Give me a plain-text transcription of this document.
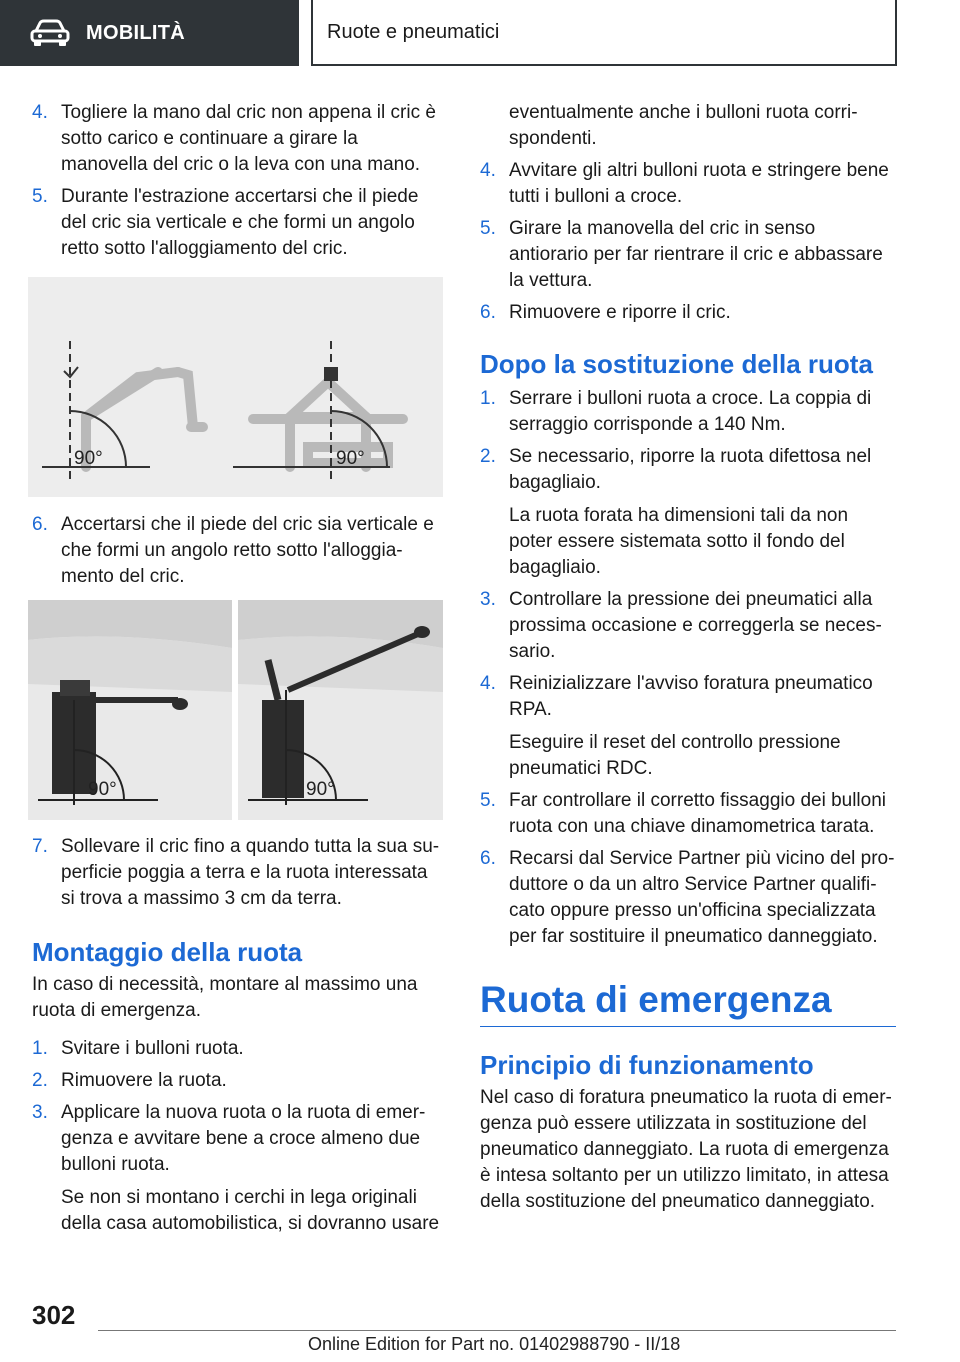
MOBILITÀ	Ruote e pneumatici
4. Togliere la mano dal cric non appena il cric è sotto carico e continuare a girare la manovella del cric o la leva con una mano.

5. Durante l'estrazione accertarsi che il piede del cric sia verticale e che formi un angolo retto sotto l'alloggiamento del cric.

90°	90°
6. Accertarsi che il piede del cric sia verticale e che formi un angolo retto sotto l'alloggia‐mento del cric.

90°	90°
7. Sollevare il cric fino a quando tutta la sua su‐perficie poggia a terra e la ruota interessata si trova a massimo 3 cm da terra.

Montaggio della ruota

In caso di necessità, montare al massimo una ruota di emergenza.

1. Svitare i bulloni ruota.

2. Rimuovere la ruota.

3. Applicare la nuova ruota o la ruota di emer‐genza e avvitare bene a croce almeno due bulloni ruota.

Se non si montano i cerchi in lega originali della casa automobilistica, si dovranno usare

eventualmente anche i bulloni ruota corri‐spondenti.

4. Avvitare gli altri bulloni ruota e stringere bene tutti i bulloni a croce.

5. Girare la manovella del cric in senso antiorario per far rientrare il cric e abbassare la vettura.

6. Rimuovere e riporre il cric.

Dopo la sostituzione della ruota
1. Serrare i bulloni ruota a croce. La coppia di serraggio corrisponde a 140 Nm.

2. Se necessario, riporre la ruota difettosa nel bagagliaio.

La ruota forata ha dimensioni tali da non poter essere sistemata sotto il fondo del bagagliaio.

3. Controllare la pressione dei pneumatici alla prossima occasione e correggerla se neces‐sario.

4. Reinizializzare l'avviso foratura pneumatico RPA.

Eseguire il reset del controllo pressione pneumatici RDC.

5. Far controllare il corretto fissaggio dei bulloni ruota con una chiave dinamometrica tarata.

6. Recarsi dal Service Partner più vicino del pro‐duttore o da un altro Service Partner qualifi‐cato oppure presso un'officina specializzata per far sostituire il pneumatico danneggiato.

Ruota di emergenza
Principio di funzionamento

Nel caso di foratura pneumatico la ruota di emer‐genza può essere utilizzata in sostituzione del pneumatico danneggiato. La ruota di emergenza è intesa soltanto per un utilizzo limitato, in attesa della sostituzione del pneumatico danneggiato.

302
Online Edition for Part no. 01402988790 - II/18
